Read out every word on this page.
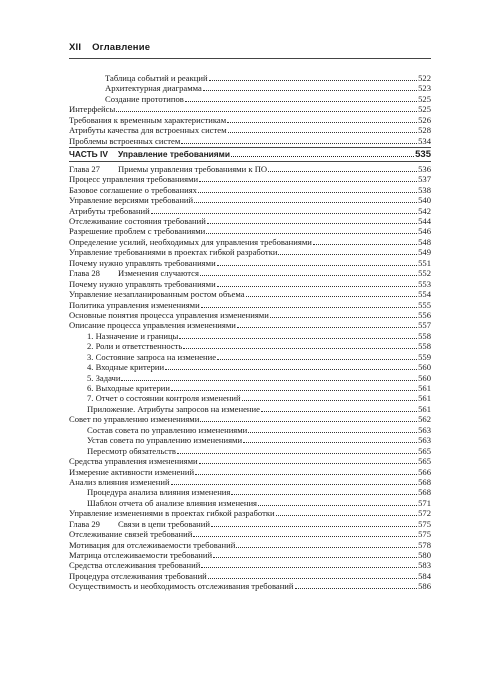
XII Оглавление
Таблица событий и реакций	522
Архитектурная диаграмма	523
Создание прототипов	525
Интерфейсы	525
Требования к временным характеристикам	526
Атрибуты качества для встроенных систем	528
Проблемы встроенных систем	534
ЧАСТЬ IV Управление требованиями	535
Глава 27 Приемы управления требованиями к ПО	536
Процесс управления требованиями	537
Базовое соглашение о требованиях	538
Управление версиями требований	540
Атрибуты требований	542
Отслеживание состояния требований	544
Разрешение проблем с требованиями	546
Определение усилий, необходимых для управления требованиями	548
Управление требованиями в проектах гибкой разработки	549
Почему нужно управлять требованиями	551
Глава 28 Изменения случаются	552
Почему нужно управлять требованиями	553
Управление незапланированным ростом объема	554
Политика управления изменениями	555
Основные понятия процесса управления изменениями	556
Описание процесса управления изменениями	557
1. Назначение и границы	558
2. Роли и ответственность	558
3. Состояние запроса на изменение	559
4. Входные критерии	560
5. Задачи	560
6. Выходные критерии	561
7. Отчет о состоянии контроля изменений	561
Приложение. Атрибуты запросов на изменение	561
Совет по управлению изменениями	562
Состав совета по управлению изменениями	563
Устав совета по управлению изменениями	563
Пересмотр обязательств	565
Средства управления изменениями	565
Измерение активности изменений	566
Анализ влияния изменений	568
Процедура анализа влияния изменения	568
Шаблон отчета об анализе влияния изменения	571
Управление изменениями в проектах гибкой разработки	572
Глава 29 Связи в цепи требований	575
Отслеживание связей требований	575
Мотивация для отслеживаемости требований	578
Матрица отслеживаемости требований	580
Средства отслеживания требований	583
Процедура отслеживания требований	584
Осуществимость и необходимость отслеживания требований	586
